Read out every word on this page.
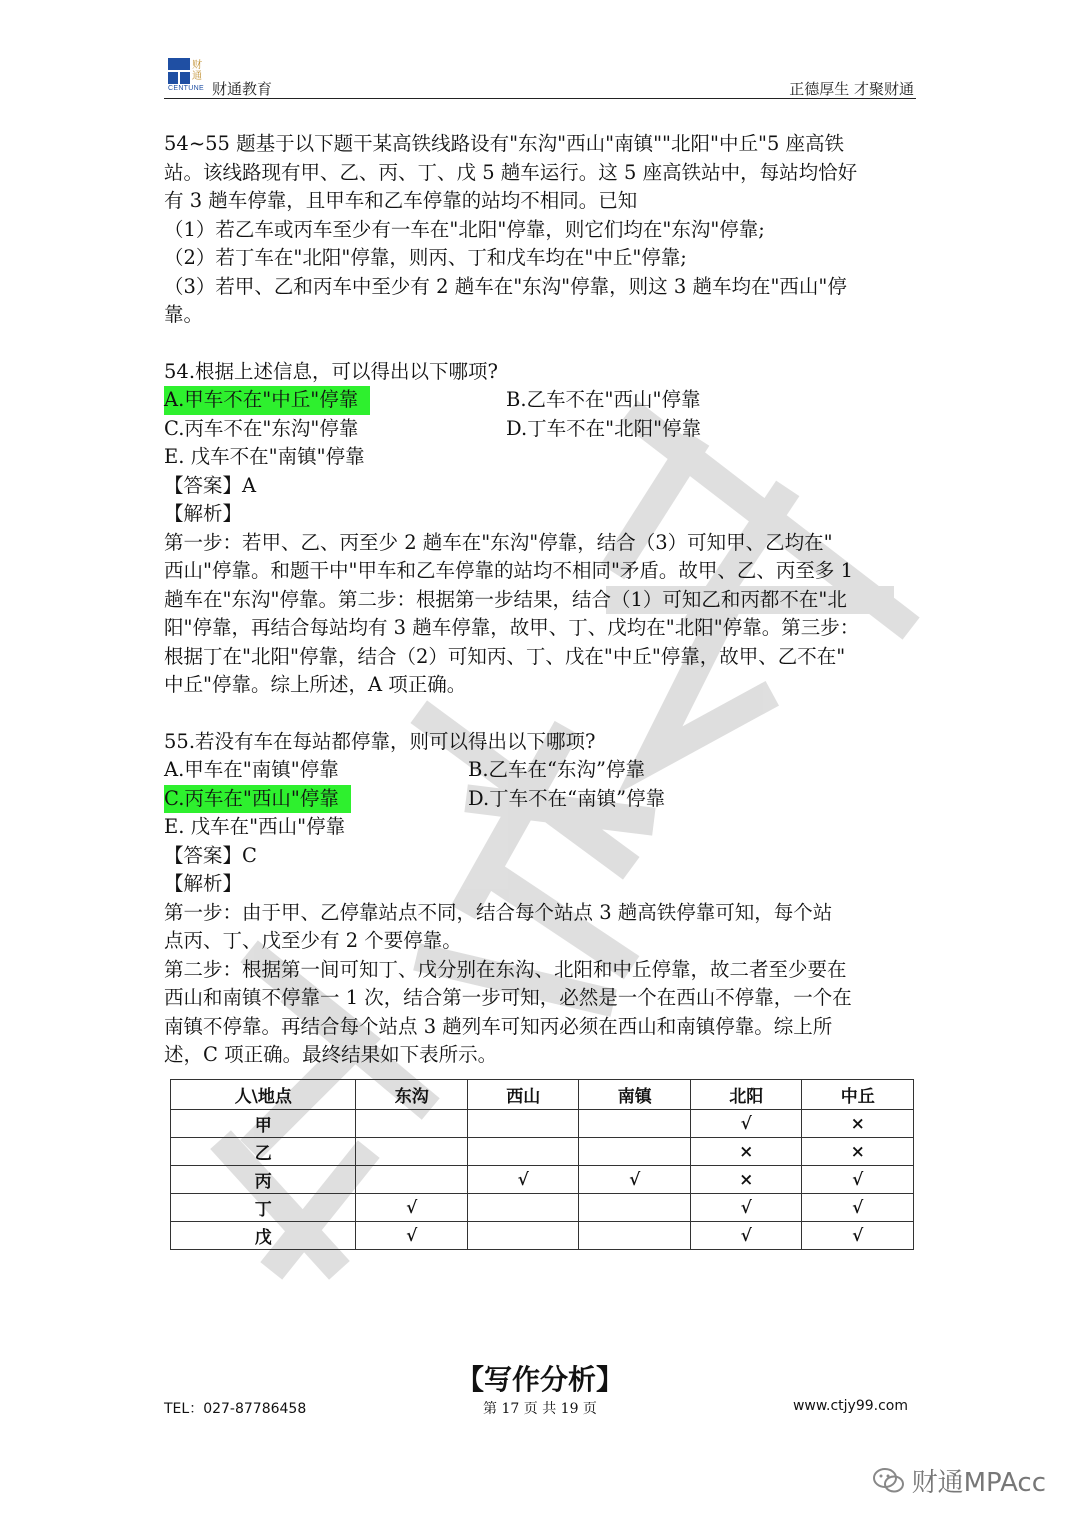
财
通
CENTUNE 财通教育	正德厚生 才聚财通

54~55 题基于以下题干某高铁线路设有"东沟"西山"南镇""北阳"中丘"5 座高铁

站。该线路现有甲、乙、丙、丁、戊 5 趟车运行。这 5 座高铁站中，每站均恰好

有 3 趟车停靠，且甲车和乙车停靠的站均不相同。已知

（1）若乙车或丙车至少有一车在"北阳"停靠，则它们均在"东沟"停靠;

（2）若丁车在"北阳"停靠，则丙、丁和戊车均在"中丘"停靠;

（3）若甲、乙和丙车中至少有 2 趟车在"东沟"停靠，则这 3 趟车均在"西山"停

靠。

54.根据上述信息，可以得出以下哪项?

A.甲车不在"中丘"停靠	B.乙车不在"西山"停靠
C.丙车不在"东沟"停靠	D.丁车不在"北阳"停靠

E. 戊车不在"南镇"停靠

【答案】A

【解析】

第一步：若甲、乙、丙至少 2 趟车在"东沟"停靠，结合（3）可知甲、乙均在"

西山"停靠。和题干中"甲车和乙车停靠的站均不相同"矛盾。故甲、乙、丙至多 1

趟车在"东沟"停靠。第二步：根据第一步结果，结合（1）可知乙和丙都不在"北

阳"停靠，再结合每站均有 3 趟车停靠，故甲、丁、戊均在"北阳"停靠。第三步：

根据丁在"北阳"停靠，结合（2）可知丙、丁、戊在"中丘"停靠，故甲、乙不在"

中丘"停靠。综上所述，A 项正确。

55.若没有车在每站都停靠，则可以得出以下哪项?

A.甲车在"南镇"停靠	B.乙车在“东沟”停靠
C.丙车在"西山"停靠	D.丁车不在“南镇”停靠

E. 戊车在"西山"停靠

【答案】C

【解析】

第一步：由于甲、乙停靠站点不同，结合每个站点 3 趟高铁停靠可知，每个站

点丙、丁、戊至少有 2 个要停靠。

第二步：根据第一间可知丁、戊分别在东沟、北阳和中丘停靠，故二者至少要在

西山和南镇不停靠一 1 次，结合第一步可知，必然是一个在西山不停靠，一个在

南镇不停靠。再结合每个站点 3 趟列车可知丙必须在西山和南镇停靠。综上所

述，C 项正确。最终结果如下表所示。

人\地点	东沟	西山	南镇	北阳	中丘
甲				√	×
乙				×	×
丙		√	√	×	√
丁	√			√	√
戊	√			√	√
【写作分析】
TEL：027-87786458	第 17 页 共 19 页	www.ctjy99.com
财通MPAcc
